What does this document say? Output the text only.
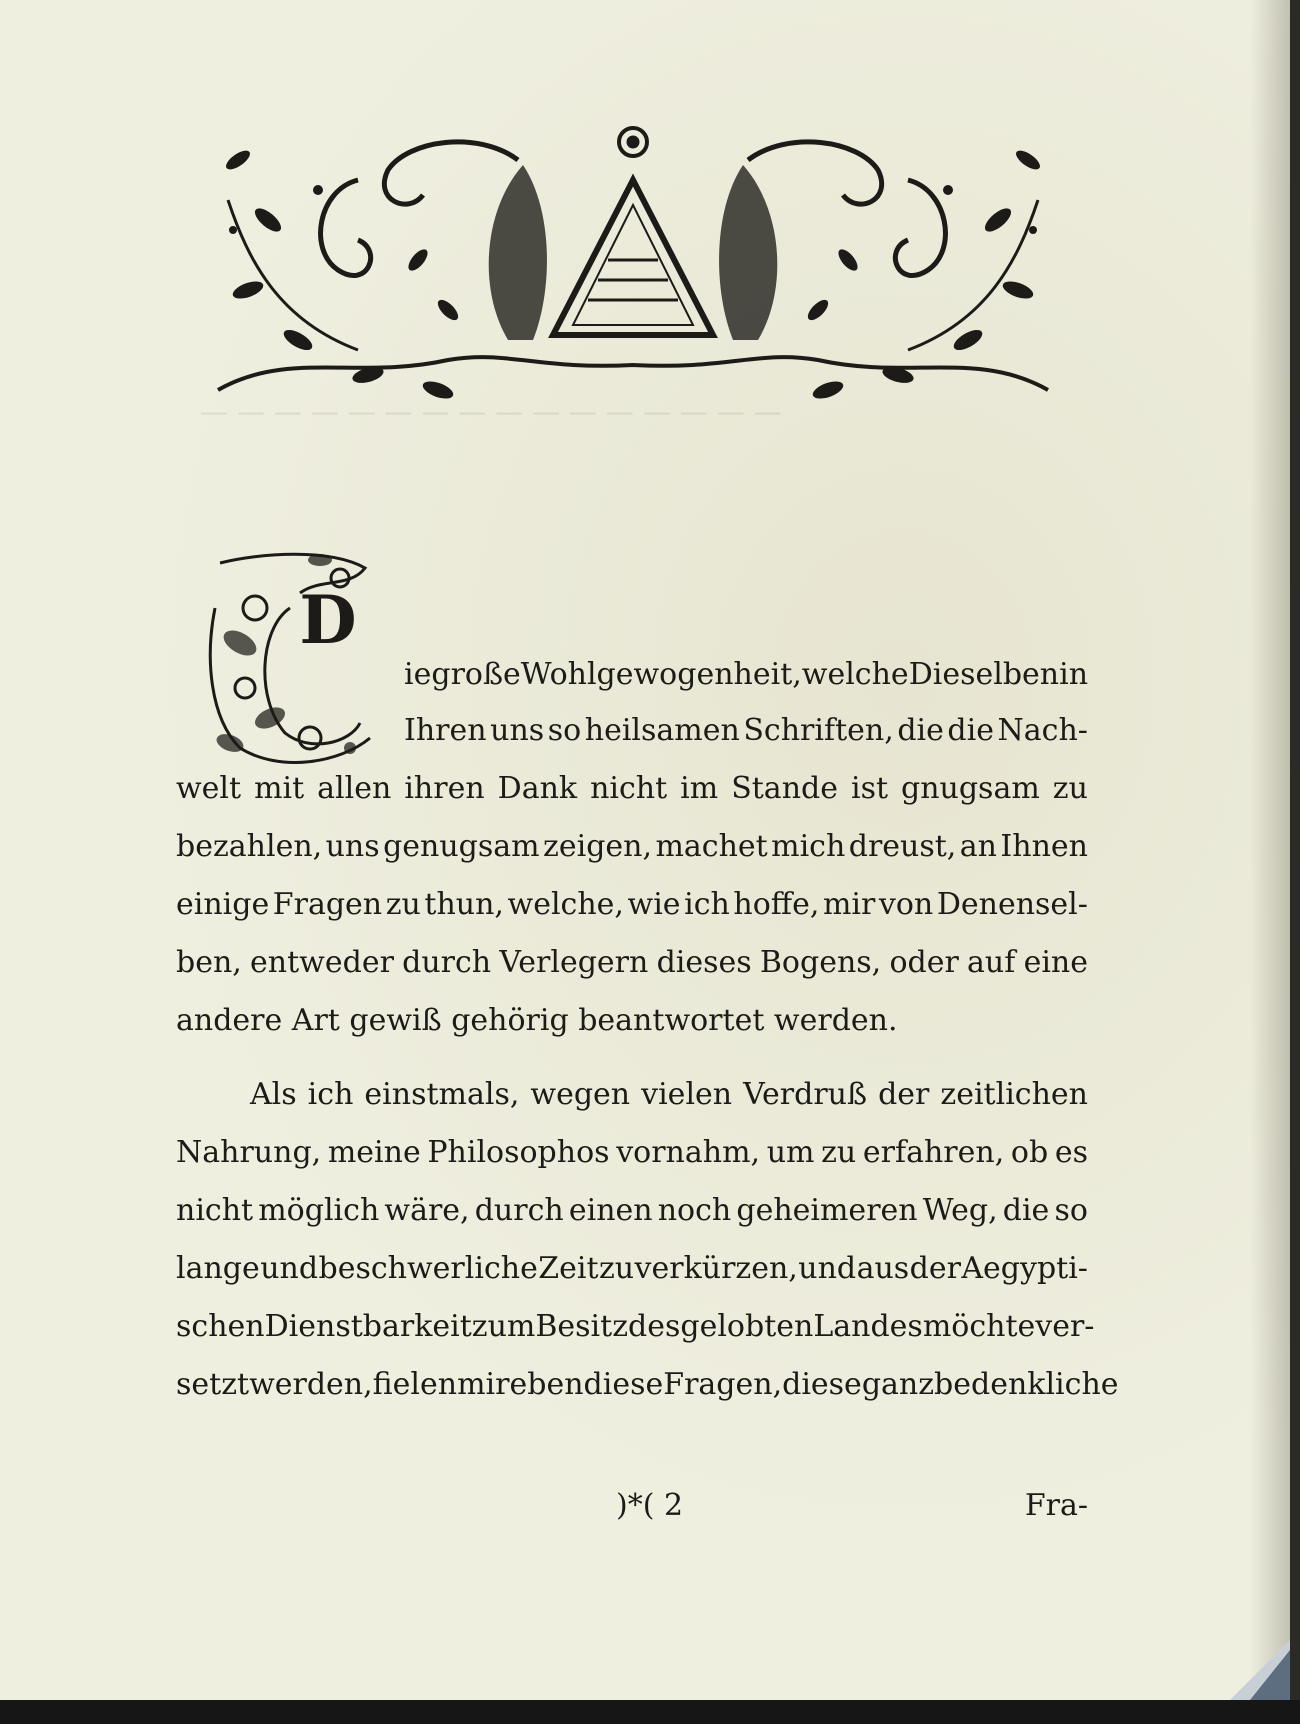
D
— — — — — — — — — — — — — — — —
ie große Wohlgewogenheit, welche Dieselben in
Ihren uns so heilsamen Schriften, die die Nach-
welt mit allen ihren Dank nicht im Stande ist gnugsam zu
bezahlen, uns genugsam zeigen, machet mich dreust, an Ihnen
einige Fragen zu thun, welche, wie ich hoffe, mir von Denensel-
ben, entweder durch Verlegern dieses Bogens, oder auf eine
andere Art gewiß gehörig beantwortet werden.
Als ich einstmals, wegen vielen Verdruß der zeitlichen
Nahrung, meine Philosophos vornahm, um zu erfahren, ob es
nicht möglich wäre, durch einen noch geheimeren Weg, die so
lange und beschwerliche Zeit zu verkürzen, und aus der Aegypti-
schen Dienstbarkeit zum Besitz des gelobten Landes möchte ver-
setzt werden, fielen mir eben diese Fragen, diese ganz bedenkliche
)*( 2	Fra-
